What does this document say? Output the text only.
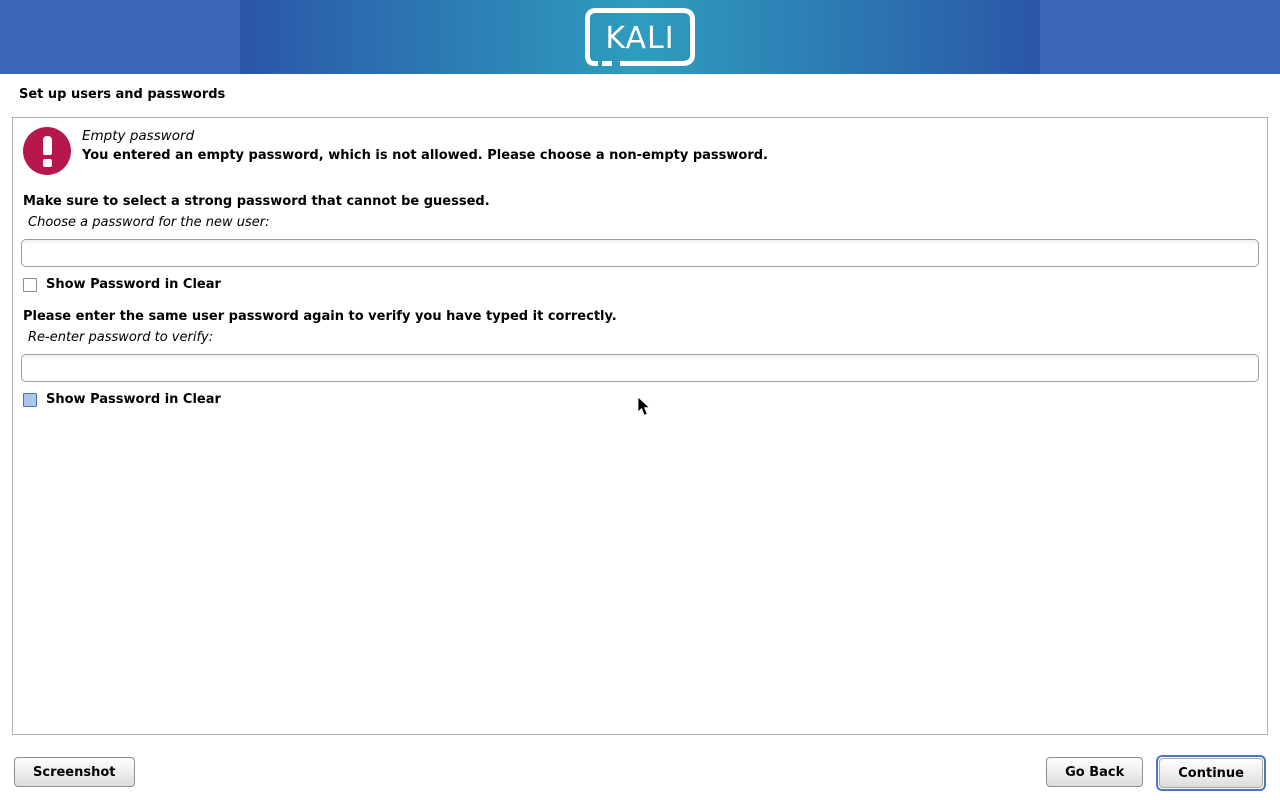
KALI
Set up users and passwords
Empty password
You entered an empty password, which is not allowed. Please choose a non-empty password.
Make sure to select a strong password that cannot be guessed.
Choose a password for the new user:
Show Password in Clear
Please enter the same user password again to verify you have typed it correctly.
Re-enter password to verify:
Show Password in Clear
Screenshot	Go Back	Continue
